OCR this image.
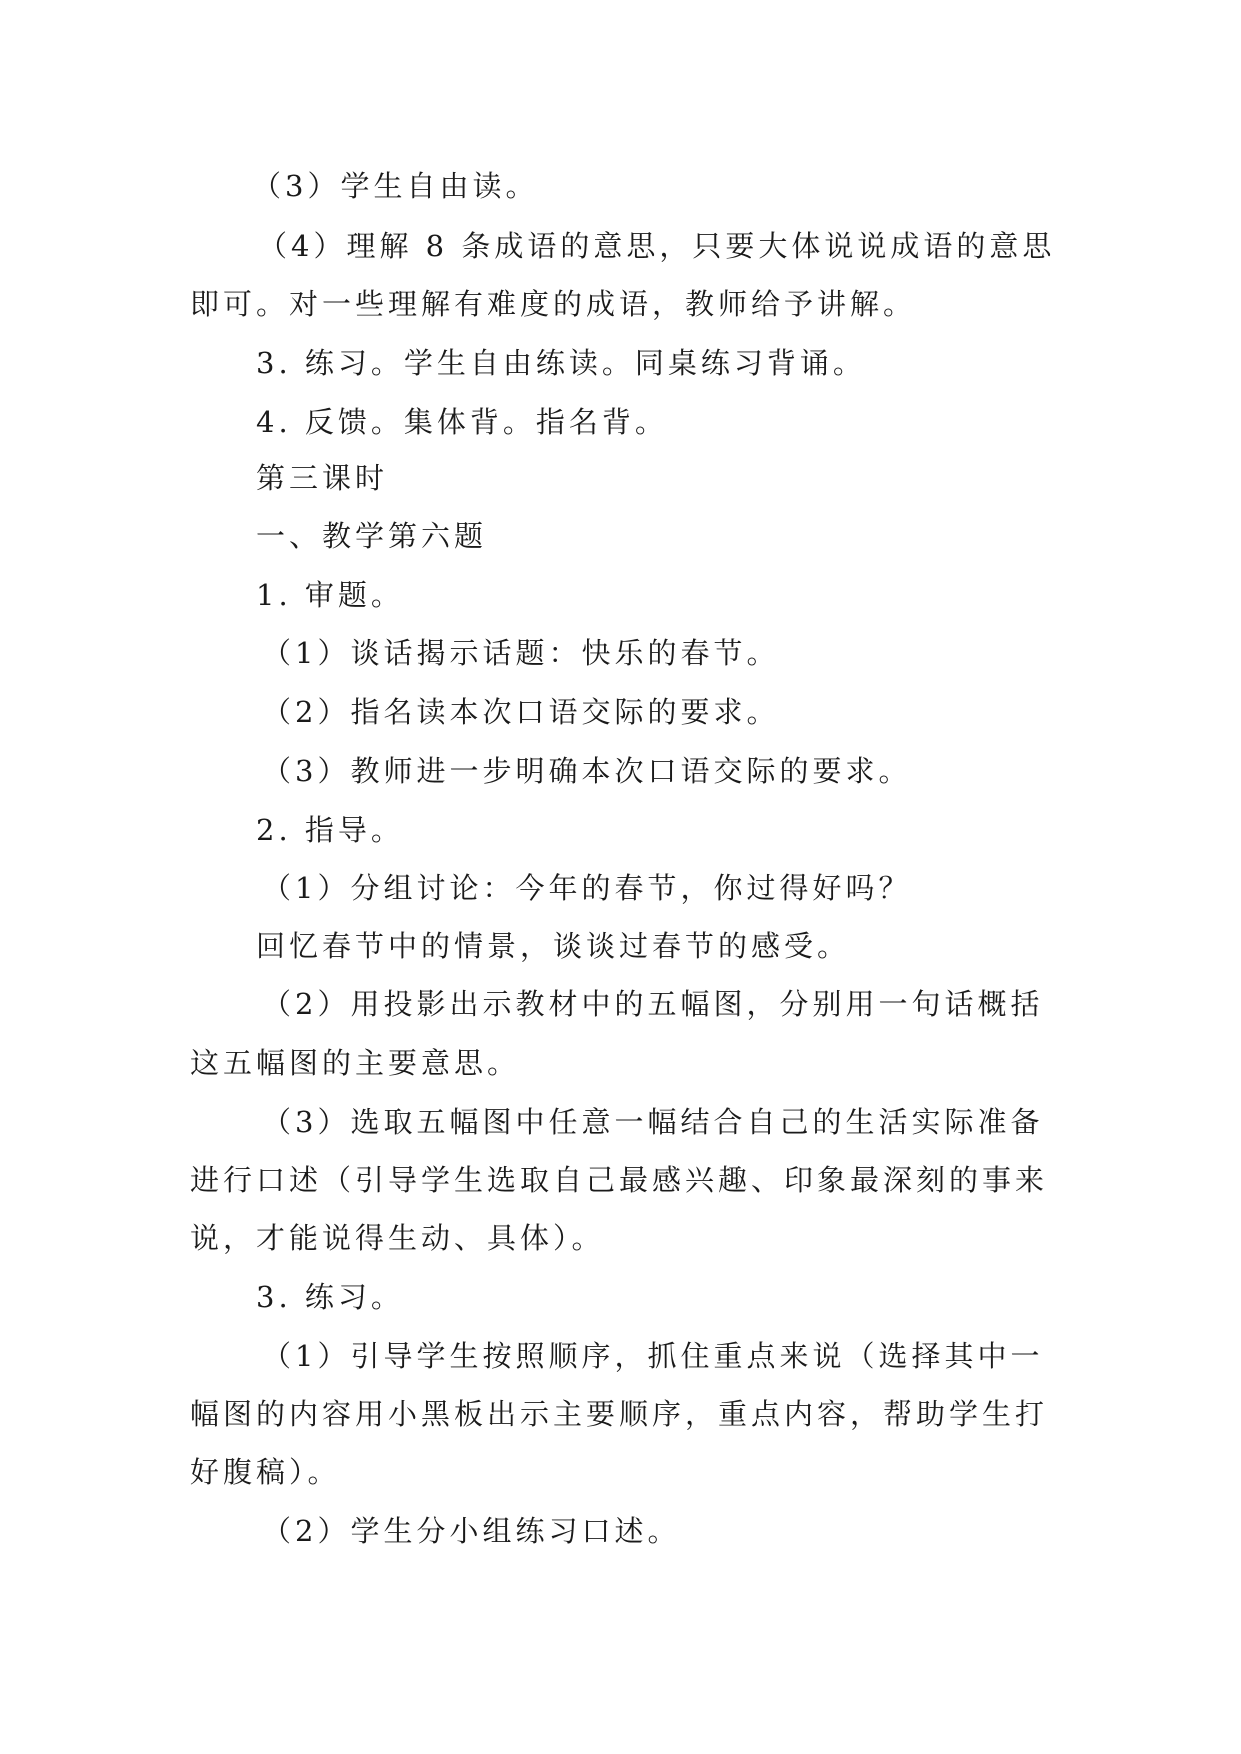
（3）学生自由读。
（4）理解 8 条成语的意思，只要大体说说成语的意思
即可。对一些理解有难度的成语，教师给予讲解。
3. 练习。学生自由练读。同桌练习背诵。
4. 反馈。集体背。指名背。
第三课时
一、教学第六题
1. 审题。
（1）谈话揭示话题：快乐的春节。
（2）指名读本次口语交际的要求。
（3）教师进一步明确本次口语交际的要求。
2. 指导。
（1）分组讨论：今年的春节，你过得好吗？
回忆春节中的情景，谈谈过春节的感受。
（2）用投影出示教材中的五幅图，分别用一句话概括
这五幅图的主要意思。
（3）选取五幅图中任意一幅结合自己的生活实际准备
进行口述（引导学生选取自己最感兴趣、印象最深刻的事来
说，才能说得生动、具体）。
3. 练习。
（1）引导学生按照顺序，抓住重点来说（选择其中一
幅图的内容用小黑板出示主要顺序，重点内容，帮助学生打
好腹稿）。
（2）学生分小组练习口述。
